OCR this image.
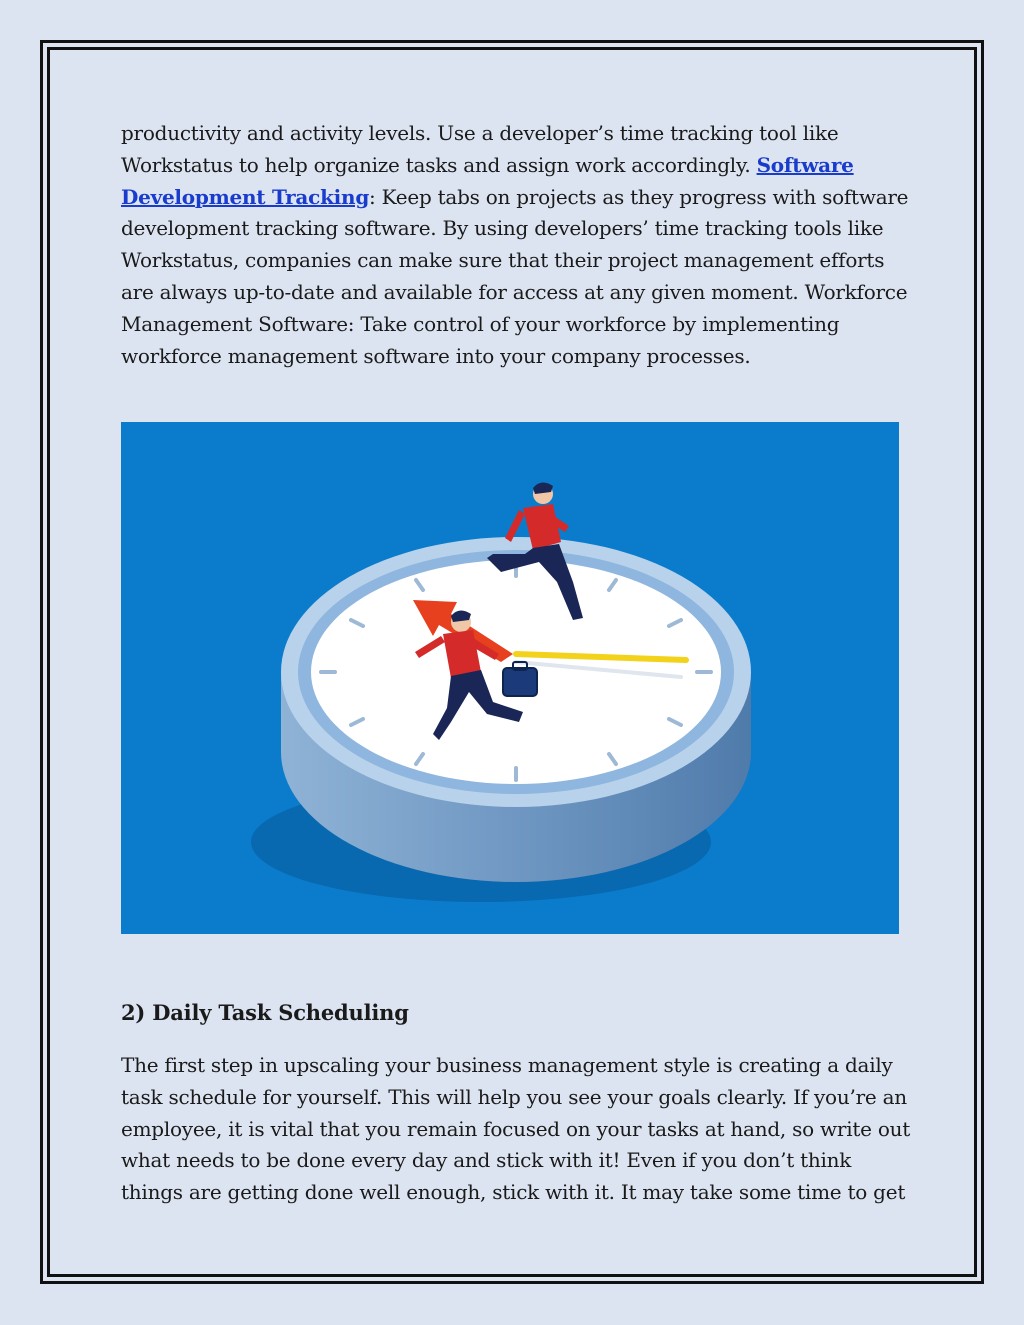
productivity and activity levels. Use a developer’s time tracking tool like Workstatus to help organize tasks and assign work accordingly. Software Development Tracking: Keep tabs on projects as they progress with software development tracking software. By using developers’ time tracking tools like Workstatus, companies can make sure that their project management efforts are always up-to-date and available for access at any given moment. Workforce Management Software: Take control of your workforce by implementing workforce management software into your company processes.

2) Daily Task Scheduling

The first step in upscaling your business management style is creating a daily task schedule for yourself. This will help you see your goals clearly. If you’re an employee, it is vital that you remain focused on your tasks at hand, so write out what needs to be done every day and stick with it! Even if you don’t think things are getting done well enough, stick with it. It may take some time to get
